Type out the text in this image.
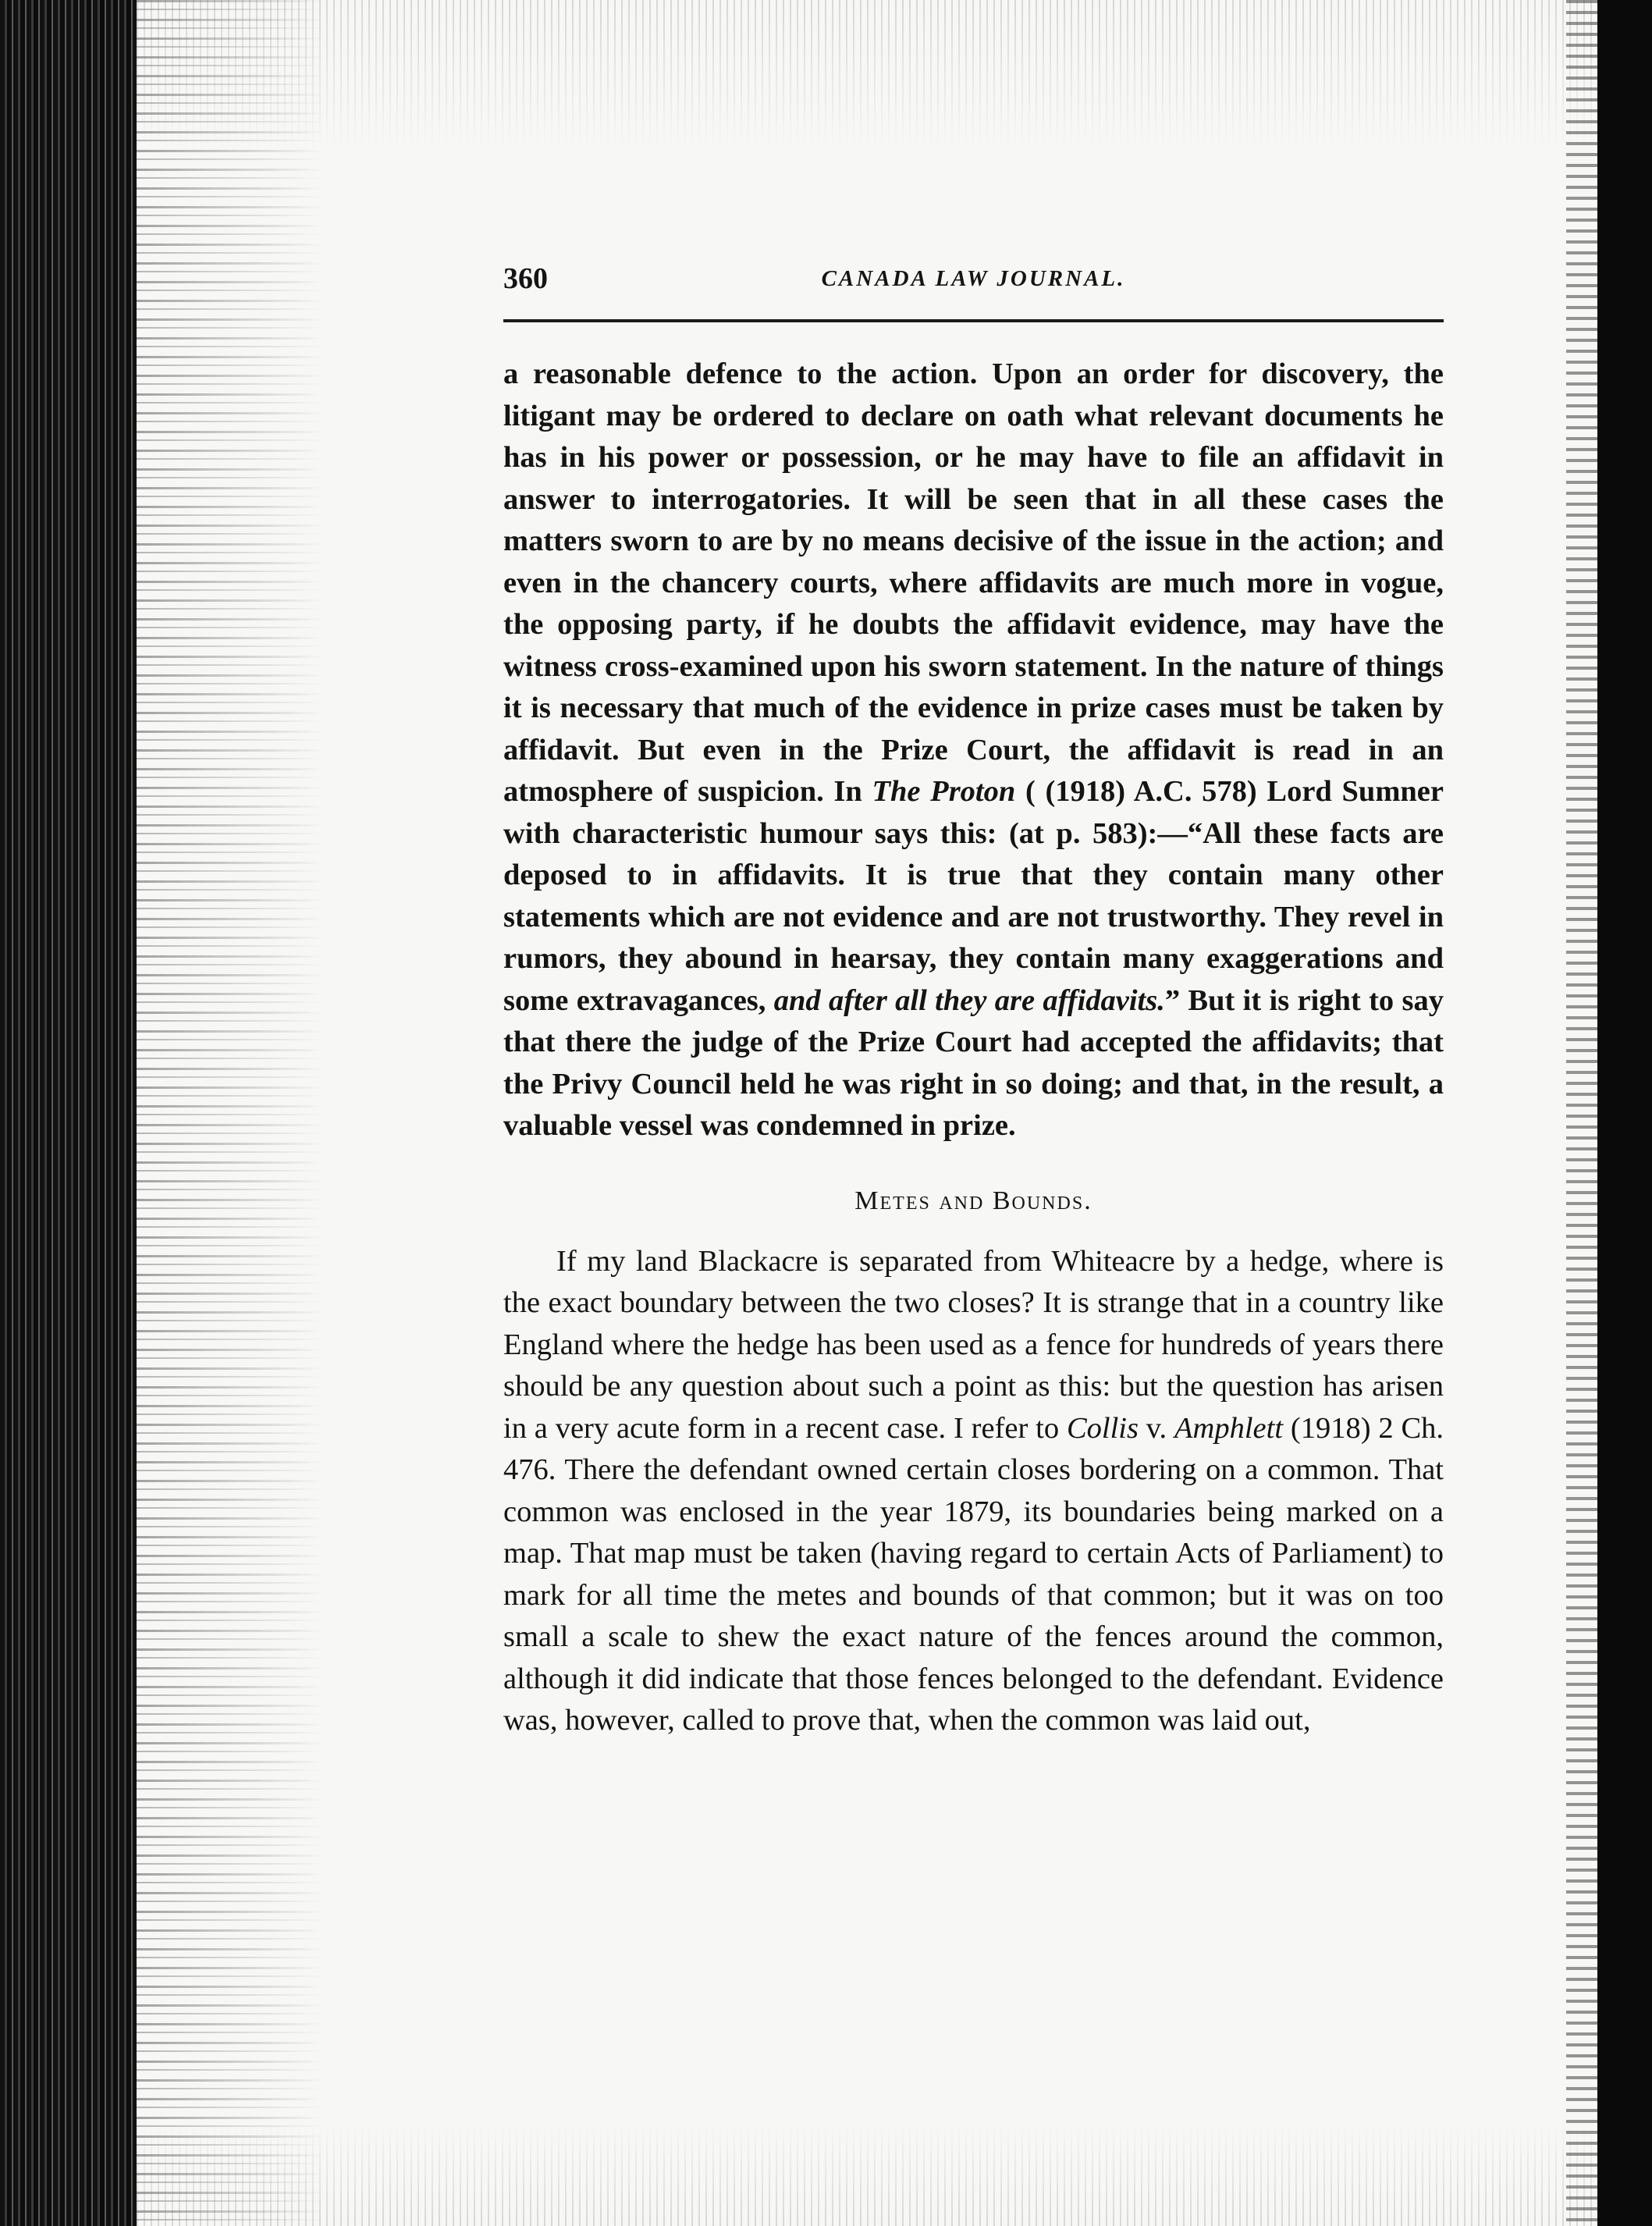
360	CANADA LAW JOURNAL.

a reasonable defence to the action. Upon an order for discovery, the litigant may be ordered to declare on oath what relevant documents he has in his power or possession, or he may have to file an affidavit in answer to interrogatories. It will be seen that in all these cases the matters sworn to are by no means decisive of the issue in the action; and even in the chancery courts, where affidavits are much more in vogue, the opposing party, if he doubts the affidavit evidence, may have the witness cross-examined upon his sworn statement. In the nature of things it is necessary that much of the evidence in prize cases must be taken by affidavit. But even in the Prize Court, the affidavit is read in an atmosphere of suspicion. In The Proton ( (1918) A.C. 578) Lord Sumner with characteristic humour says this: (at p. 583):—“All these facts are deposed to in affidavits. It is true that they contain many other statements which are not evidence and are not trustworthy. They revel in rumors, they abound in hearsay, they contain many exaggerations and some extravagances, and after all they are affidavits.” But it is right to say that there the judge of the Prize Court had accepted the affidavits; that the Privy Council held he was right in so doing; and that, in the result, a valuable vessel was condemned in prize.

Metes and Bounds.

If my land Blackacre is separated from Whiteacre by a hedge, where is the exact boundary between the two closes? It is strange that in a country like England where the hedge has been used as a fence for hundreds of years there should be any question about such a point as this: but the question has arisen in a very acute form in a recent case. I refer to Collis v. Amphlett (1918) 2 Ch. 476. There the defendant owned certain closes bordering on a common. That common was enclosed in the year 1879, its boundaries being marked on a map. That map must be taken (having regard to certain Acts of Parliament) to mark for all time the metes and bounds of that common; but it was on too small a scale to shew the exact nature of the fences around the common, although it did indicate that those fences belonged to the defendant. Evidence was, however, called to prove that, when the common was laid out,
